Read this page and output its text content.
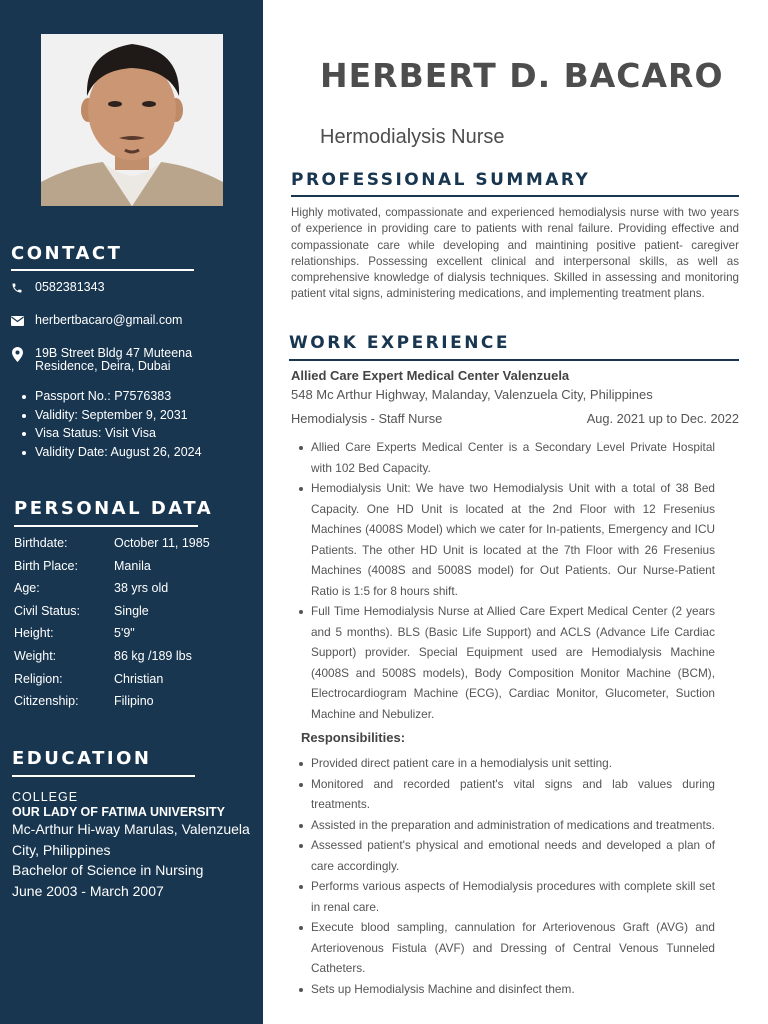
CONTACT
0582381343
herbertbacaro@gmail.com
19B Street Bldg 47 Muteena
Residence, Deira, Dubai
Passport No.: P7576383
Validity: September 9, 2031
Visa Status: Visit Visa
Validity Date: August 26, 2024
PERSONAL DATA
Birthdate:	October 11, 1985
Birth Place:	Manila
Age:	38 yrs old
Civil Status:	Single
Height:	5'9"
Weight:	86 kg /189 lbs
Religion:	Christian
Citizenship:	Filipino
EDUCATION
COLLEGE
OUR LADY OF FATIMA UNIVERSITY
Mc-Arthur Hi-way Marulas, Valenzuela City, Philippines
Bachelor of Science in Nursing
June 2003 - March 2007
HERBERT D. BACARO
Hermodialysis Nurse
PROFESSIONAL SUMMARY
Highly motivated, compassionate and experienced hemodialysis nurse with two years of experience in providing care to patients with renal failure. Providing effective and compassionate care while developing and maintining positive patient- caregiver relationships. Possessing excellent clinical and interpersonal skills, as well as comprehensive knowledge of dialysis techniques. Skilled in assessing and monitoring patient vital signs, administering medications, and implementing treatment plans.
WORK EXPERIENCE
Allied Care Expert Medical Center Valenzuela
548 Mc Arthur Highway, Malanday, Valenzuela City, Philippines
Hemodialysis - Staff Nurse	Aug. 2021 up to Dec. 2022
Allied Care Experts Medical Center is a Secondary Level Private Hospital with 102 Bed Capacity.
Hemodialysis Unit: We have two Hemodialysis Unit with a total of 38 Bed Capacity. One HD Unit is located at the 2nd Floor with 12 Fresenius Machines (4008S Model) which we cater for In-patients, Emergency and ICU Patients. The other HD Unit is located at the 7th Floor with 26 Fresenius Machines (4008S and 5008S model) for Out Patients. Our Nurse-Patient Ratio is 1:5 for 8 hours shift.
Full Time Hemodialysis Nurse at Allied Care Expert Medical Center (2 years and 5 months). BLS (Basic Life Support) and ACLS (Advance Life Cardiac Support) provider. Special Equipment used are Hemodialysis Machine (4008S and 5008S models), Body Composition Monitor Machine (BCM), Electrocardiogram Machine (ECG), Cardiac Monitor, Glucometer, Suction Machine and Nebulizer.
Responsibilities:
Provided direct patient care in a hemodialysis unit setting.
Monitored and recorded patient's vital signs and lab values during treatments.
Assisted in the preparation and administration of medications and treatments.
Assessed patient's physical and emotional needs and developed a plan of care accordingly.
Performs various aspects of Hemodialysis procedures with complete skill set in renal care.
Execute blood sampling, cannulation for Arteriovenous Graft (AVG) and Arteriovenous Fistula (AVF) and Dressing of Central Venous Tunneled Catheters.
Sets up Hemodialysis Machine and disinfect them.
